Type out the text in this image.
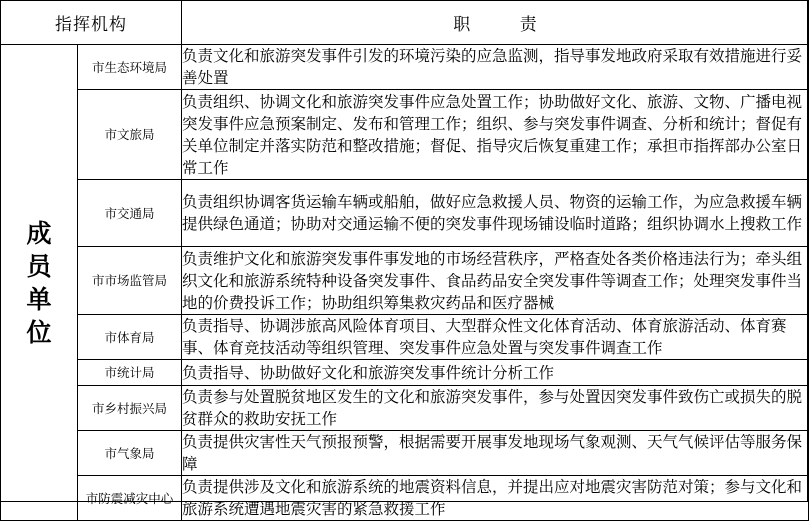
指挥机构		职 责
成员单位	市生态环境局	负责文化和旅游突发事件引发的环境污染的应急监测，指导事发地政府采取有效措施进行妥善处置
	市文旅局	负责组织、协调文化和旅游突发事件应急处置工作；协助做好文化、旅游、文物、广播电视突发事件应急预案制定、发布和管理工作；组织、参与突发事件调查、分析和统计；督促有关单位制定并落实防范和整改措施；督促、指导灾后恢复重建工作；承担市指挥部办公室日常工作
	市交通局	负责组织协调客货运输车辆或船舶，做好应急救援人员、物资的运输工作，为应急救援车辆提供绿色通道；协助对交通运输不便的突发事件现场铺设临时道路；组织协调水上搜救工作
	市市场监管局	负责维护文化和旅游突发事件事发地的市场经营秩序，严格查处各类价格违法行为；牵头组织文化和旅游系统特种设备突发事件、食品药品安全突发事件等调查工作；处理突发事件当地的价费投诉工作；协助组织筹集救灾药品和医疗器械
	市体育局	负责指导、协调涉旅高风险体育项目、大型群众性文化体育活动、体育旅游活动、体育赛事、体育竞技活动等组织管理、突发事件应急处置与突发事件调查工作
	市统计局	负责指导、协助做好文化和旅游突发事件统计分析工作
	市乡村振兴局	负责参与处置脱贫地区发生的文化和旅游突发事件，参与处置因突发事件致伤亡或损失的脱贫群众的救助安抚工作
	市气象局	负责提供灾害性天气预报预警，根据需要开展事发地现场气象观测、天气气候评估等服务保障
	市防震减灾中心	负责提供涉及文化和旅游系统的地震资料信息，并提出应对地震灾害防范对策；参与文化和旅游系统遭遇地震灾害的紧急救援工作
